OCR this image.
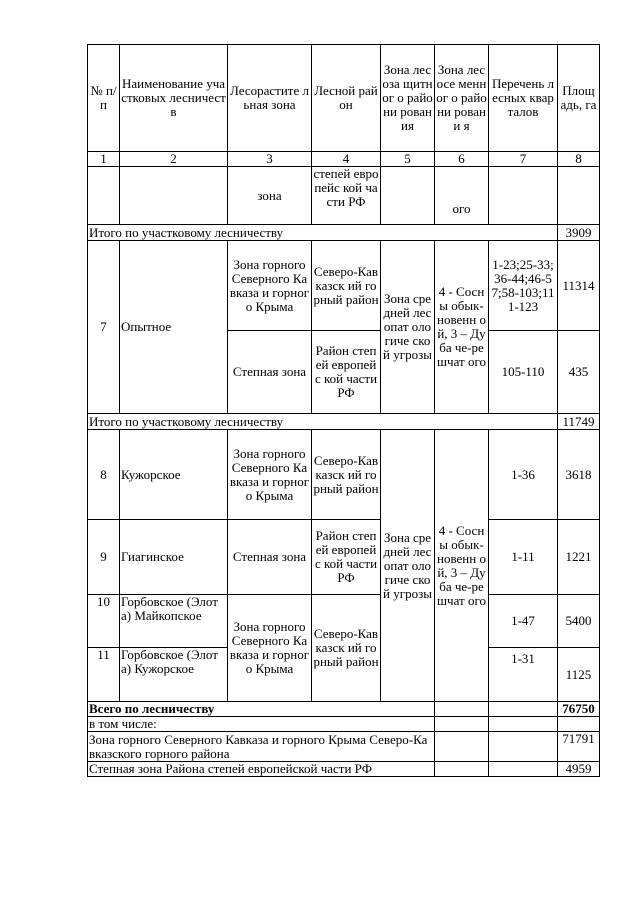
№ п/п	Наименование участковых лесничеств	Лесорастите льная зона	Лесной район	Зона лесоза щитног о райони рования	Зона лесосе менног о райони ровани я	Перечень лесных кварталов	Площ адь, га
1	2	3	4	5	6	7	8
		зона	степей европейс кой части РФ		ого		
Итого по участковому лесничеству							3909
7	Опытное	Зона горного Северного Кавказа и горного Крыма	Северо-Кавказск ий горный район	Зона средней лесопат ологиче ской угрозы	4 - Сосны обык-новенн ой, 3 – Дуба че-решчат ого	1-23;25-33;36-44;46-57;58-103;111-123	11314
		Степная зона	Район степей европейс кой части РФ			105-110	435
Итого по участковому лесничеству							11749
8	Кужорское	Зона горного Северного Кавказа и горного Крыма	Северо-Кавказск ий горный район	Зона средней лесопат ологиче ской угрозы	4 - Сосны обык-новенн ой, 3 – Дуба че-решчат ого	1-36	3618
9	Гиагинское	Степная зона	Район степей европейс кой части РФ			1-11	1221
10	Горбовское (Элота) Майкопское	Зона горного Северного Кавказа и горного Крыма	Северо-Кавказск ий горный район			1-47	5400
11	Горбовское (Элота) Кужорское					1-31	1125
Всего по лесничеству							76750
в том числе:							
Зона горного Северного Кавказа и горного Крыма Северо-Кавказского горного района							71791
Степная зона Района степей европейской части РФ							4959
